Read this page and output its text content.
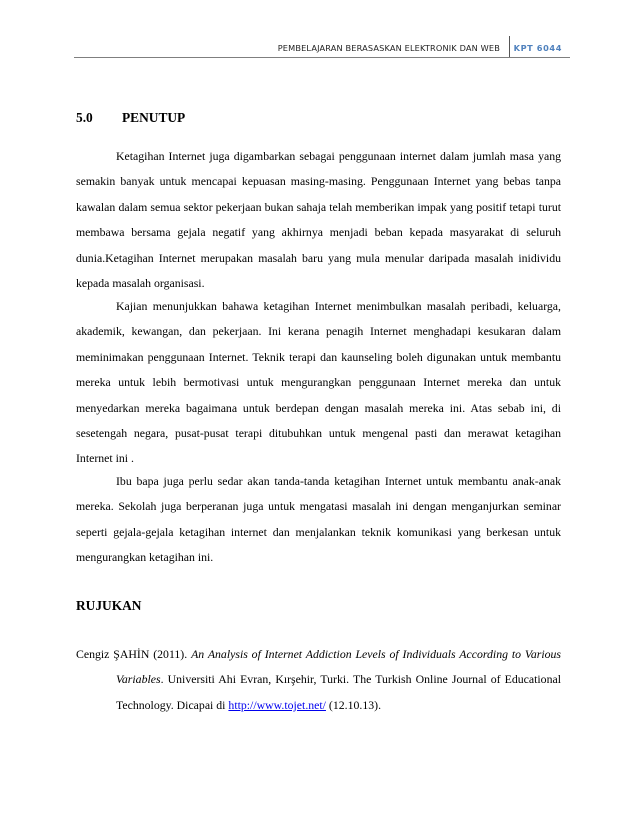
PEMBELAJARAN BERASASKAN ELEKTRONIK DAN WEB KPT 6044
5.0 PENUTUP

Ketagihan Internet juga digambarkan sebagai penggunaan internet dalam jumlah masa yang semakin banyak untuk mencapai kepuasan masing-masing. Penggunaan Internet yang bebas tanpa kawalan dalam semua sektor pekerjaan bukan sahaja telah memberikan impak yang positif tetapi turut membawa bersama gejala negatif yang akhirnya menjadi beban kepada masyarakat di seluruh dunia.Ketagihan Internet merupakan masalah baru yang mula menular daripada masalah inidividu kepada masalah organisasi.

Kajian menunjukkan bahawa ketagihan Internet menimbulkan masalah peribadi, keluarga, akademik, kewangan, dan pekerjaan. Ini kerana penagih Internet menghadapi kesukaran dalam meminimakan penggunaan Internet. Teknik terapi dan kaunseling boleh digunakan untuk membantu mereka untuk lebih bermotivasi untuk mengurangkan penggunaan Internet mereka dan untuk menyedarkan mereka bagaimana untuk berdepan dengan masalah mereka ini. Atas sebab ini, di sesetengah negara, pusat-pusat terapi ditubuhkan untuk mengenal pasti dan merawat ketagihan Internet ini .

Ibu bapa juga perlu sedar akan tanda-tanda ketagihan Internet untuk membantu anak-anak mereka. Sekolah juga berperanan juga untuk mengatasi masalah ini dengan menganjurkan seminar seperti gejala-gejala ketagihan internet dan menjalankan teknik komunikasi yang berkesan untuk mengurangkan ketagihan ini.

RUJUKAN

Cengiz ŞAHİN (2011). An Analysis of Internet Addiction Levels of Individuals According to Various Variables. Universiti Ahi Evran, Kırşehir, Turki. The Turkish Online Journal of Educational Technology. Dicapai di http://www.tojet.net/ (12.10.13).
